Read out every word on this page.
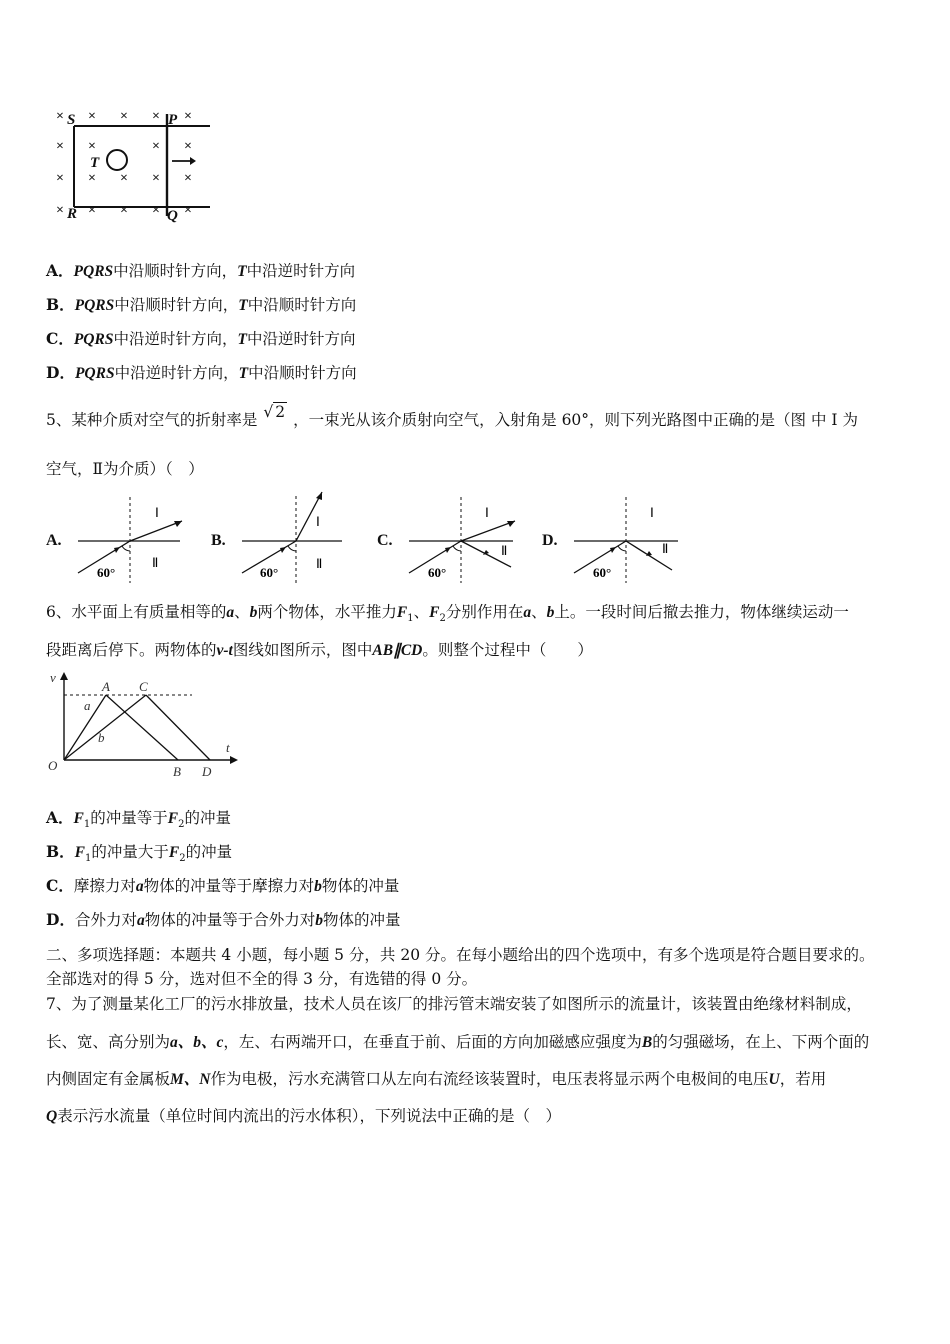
× × × × ×
× ×	× ×
× × × × ×
× × × × ×
S	P
T
R	Q
A．PQRS中沿顺时针方向，T中沿逆时针方向
B．PQRS中沿顺时针方向，T中沿顺时针方向
C．PQRS中沿逆时针方向，T中沿逆时针方向
D．PQRS中沿逆时针方向，T中沿顺时针方向
5、某种介质对空气的折射率是 √ 2 ，一束光从该介质射向空气，入射角是 60°，则下列光路图中正确的是（图 中 I 为
空气，Ⅱ为介质）（　）
A.
Ⅰ
Ⅱ
60°
B.
Ⅰ
Ⅱ
60°
C.
Ⅰ
Ⅱ
60°
D.
Ⅰ
Ⅱ
60°
6、水平面上有质量相等的a、b两个物体，水平推力$F_1$、$F_2$分别作用在a、b上。一段时间后撤去推力，物体继续运动一
段距离后停下。两物体的v-t图线如图所示，图中AB∥CD。则整个过程中（　　）
v
t
O
A C
B D
a
b
A．$F_1$的冲量等于$F_2$的冲量
B．$F_1$的冲量大于$F_2$的冲量
C．摩擦力对a物体的冲量等于摩擦力对b物体的冲量
D．合外力对a物体的冲量等于合外力对b物体的冲量
二、多项选择题：本题共 4 小题，每小题 5 分，共 20 分。在每小题给出的四个选项中，有多个选项是符合题目要求的。
全部选对的得 5 分，选对但不全的得 3 分，有选错的得 0 分。
7、为了测量某化工厂的污水排放量，技术人员在该厂的排污管末端安装了如图所示的流量计，该装置由绝缘材料制成，
长、宽、高分别为a、b、c，左、右两端开口，在垂直于前、后面的方向加磁感应强度为B的匀强磁场，在上、下两个面的
内侧固定有金属板M、N作为电极，污水充满管口从左向右流经该装置时，电压表将显示两个电极间的电压U，若用
Q表示污水流量（单位时间内流出的污水体积），下列说法中正确的是（　）
